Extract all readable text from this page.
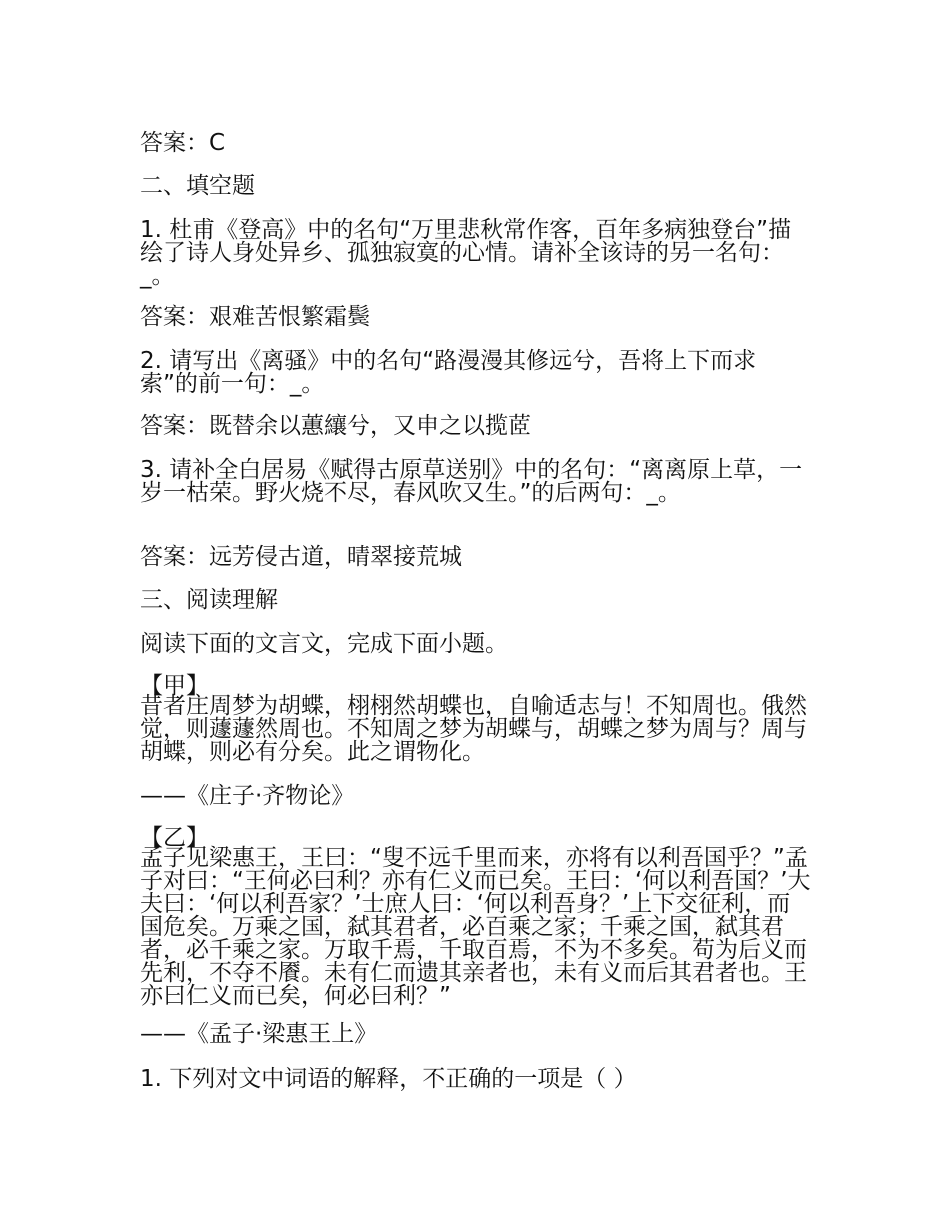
答案：C

二、填空题

1. 杜甫《登高》中的名句“万里悲秋常作客，百年多病独登台”描绘了诗人身处异乡、孤独寂寞的心情。请补全该诗的另一名句：_。

答案：艰难苦恨繁霜鬓

2. 请写出《离骚》中的名句“路漫漫其修远兮，吾将上下而求索”的前一句：_。

答案：既替余以蕙纕兮，又申之以揽茝

3. 请补全白居易《赋得古原草送别》中的名句：“离离原上草，一岁一枯荣。野火烧不尽，春风吹又生。”的后两句：_。

答案：远芳侵古道，晴翠接荒城

三、阅读理解

阅读下面的文言文，完成下面小题。

【甲】

昔者庄周梦为胡蝶，栩栩然胡蝶也，自喻适志与！不知周也。俄然觉，则蘧蘧然周也。不知周之梦为胡蝶与，胡蝶之梦为周与？周与胡蝶，则必有分矣。此之谓物化。

——《庄子·齐物论》

【乙】

孟子见梁惠王，王曰：“叟不远千里而来，亦将有以利吾国乎？”孟子对曰：“王何必曰利？亦有仁义而已矣。王曰：‘何以利吾国？’大夫曰：‘何以利吾家？’士庶人曰：‘何以利吾身？’上下交征利，而国危矣。万乘之国，弑其君者，必百乘之家；千乘之国，弑其君者，必千乘之家。万取千焉，千取百焉，不为不多矣。苟为后义而先利，不夺不餍。未有仁而遗其亲者也，未有义而后其君者也。王亦曰仁义而已矣，何必曰利？”

——《孟子·梁惠王上》

1. 下列对文中词语的解释，不正确的一项是（ ）
